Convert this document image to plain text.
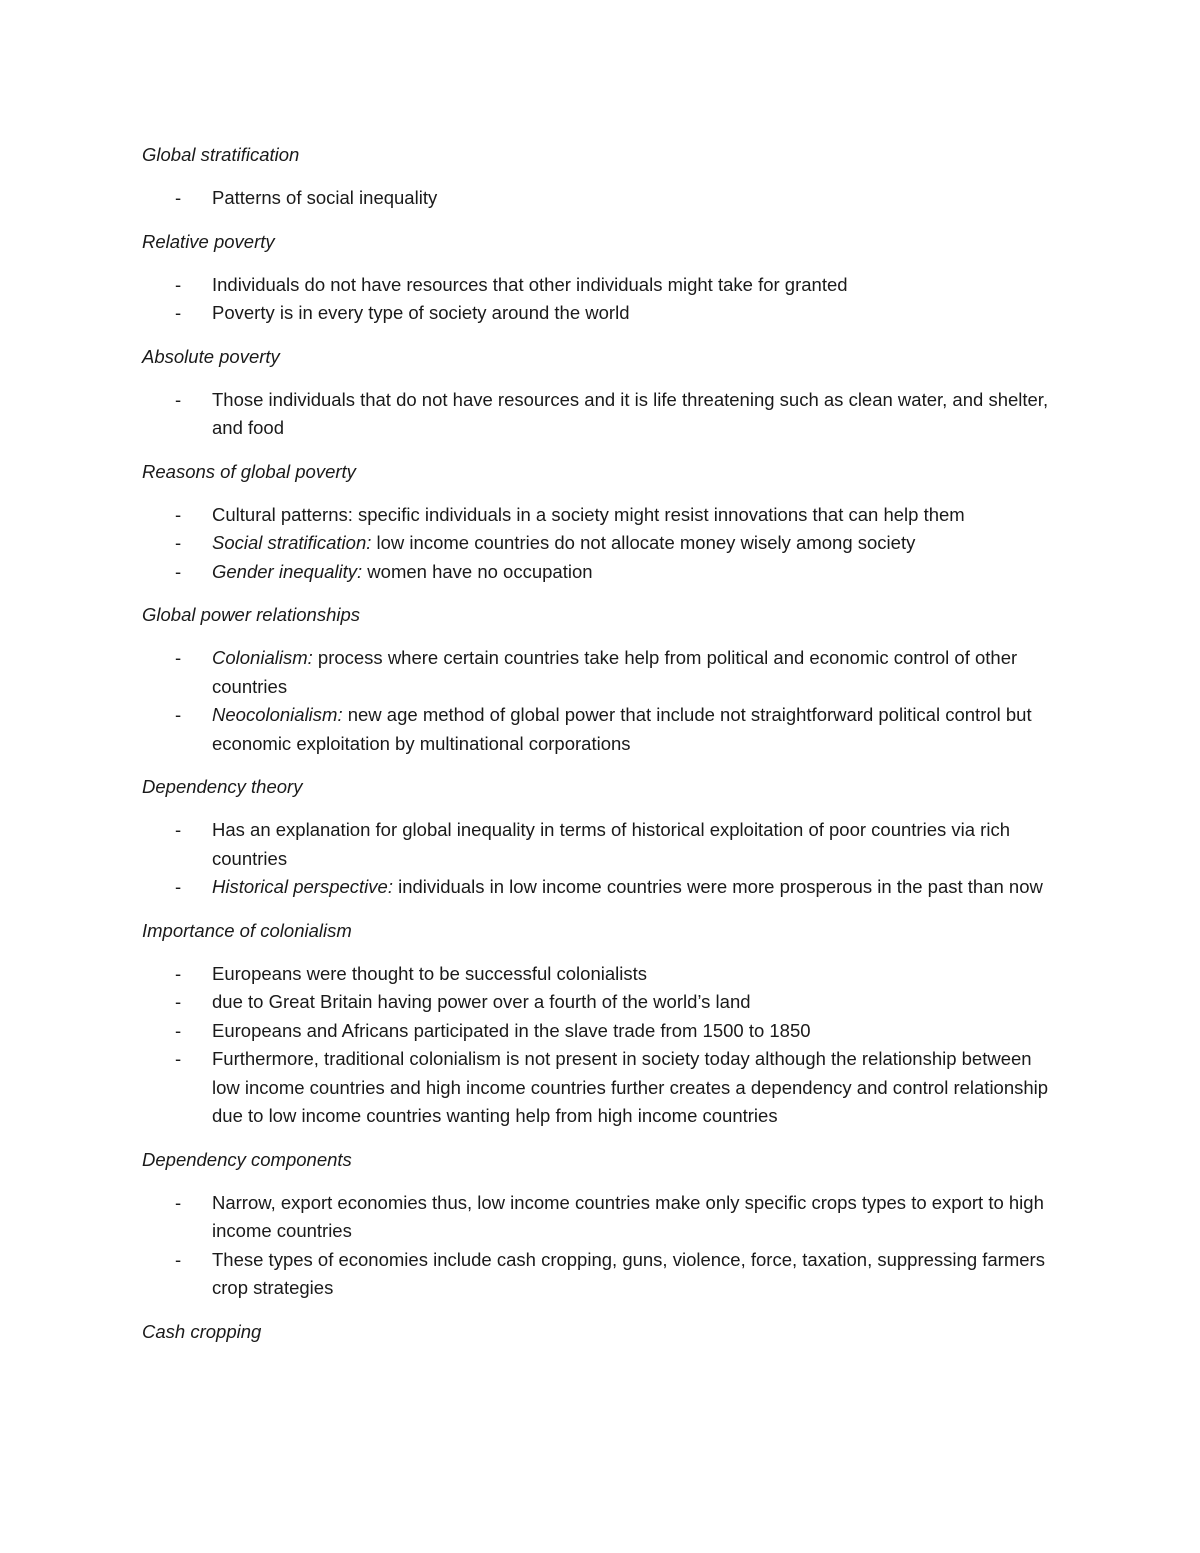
Global stratification
- Patterns of social inequality
Relative poverty
- Individuals do not have resources that other individuals might take for granted
- Poverty is in every type of society around the world
Absolute poverty
- Those individuals that do not have resources and it is life threatening such as clean water, and shelter, and food
Reasons of global poverty
- Cultural patterns: specific individuals in a society might resist innovations that can help them
- Social stratification: low income countries do not allocate money wisely among society
- Gender inequality: women have no occupation
Global power relationships
- Colonialism: process where certain countries take help from political and economic control of other countries
- Neocolonialism: new age method of global power that include not straightforward political control but economic exploitation by multinational corporations
Dependency theory
- Has an explanation for global inequality in terms of historical exploitation of poor countries via rich countries
- Historical perspective: individuals in low income countries were more prosperous in the past than now
Importance of colonialism
- Europeans were thought to be successful colonialists
- due to Great Britain having power over a fourth of the world’s land
- Europeans and Africans participated in the slave trade from 1500 to 1850
- Furthermore, traditional colonialism is not present in society today although the relationship between low income countries and high income countries further creates a dependency and control relationship due to low income countries wanting help from high income countries
Dependency components
- Narrow, export economies thus, low income countries make only specific crops types to export to high income countries
- These types of economies include cash cropping, guns, violence, force, taxation, suppressing farmers crop strategies
Cash cropping
